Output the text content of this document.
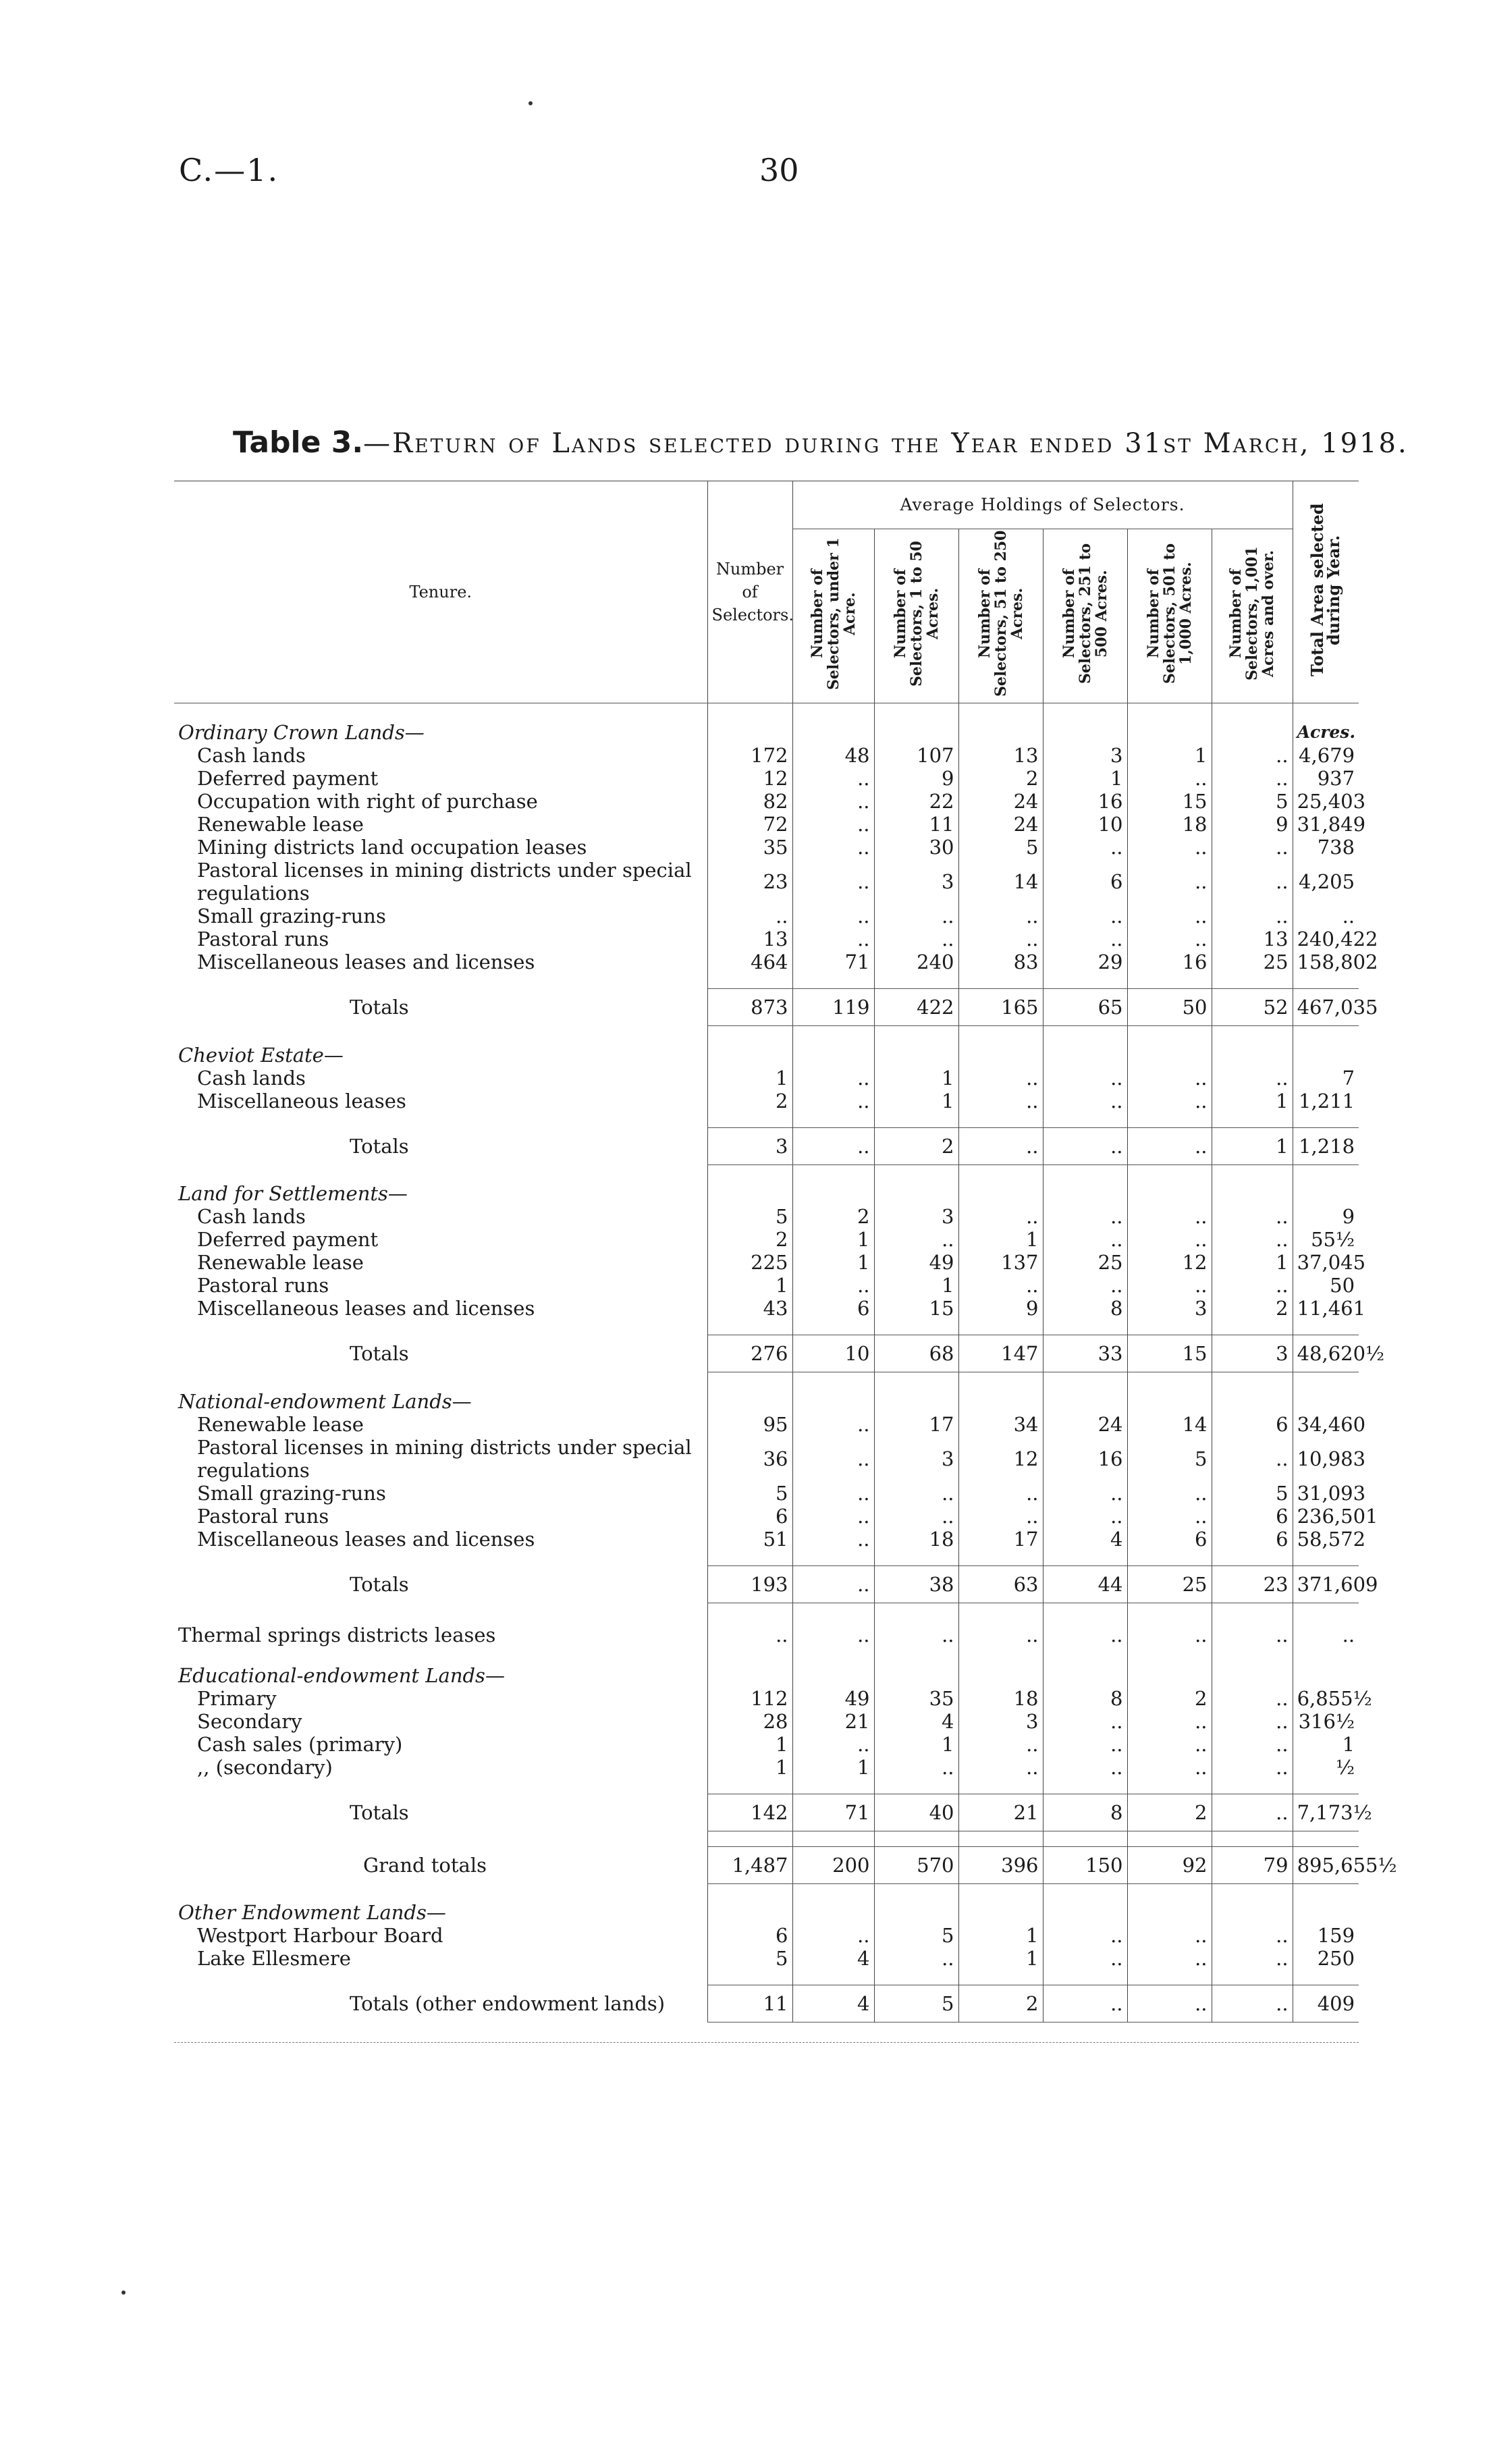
C.—1.	30
Table 3.—Return of Lands selected during the Year ended 31st March, 1918.
Tenure.	Number of Selectors.	Average Holdings of Selectors.						Total Area selected during Year.
		Number of Selectors, under 1 Acre.	Number of Selectors, 1 to 50 Acres.	Number of Selectors, 51 to 250 Acres.	Number of Selectors, 251 to 500 Acres.	Number of Selectors, 501 to 1,000 Acres.	Number of Selectors, 1,001 Acres and over.	
Ordinary Crown Lands—								Acres.
Cash lands	172	48	107	13	3	1	..	4,679
Deferred payment	12	..	9	2	1	..	..	937
Occupation with right of purchase	82	..	22	24	16	15	5	25,403
Renewable lease	72	..	11	24	10	18	9	31,849
Mining districts land occupation leases	35	..	30	5	..	..	..	738
Pastoral licenses in mining districts under special regulations	23	..	3	14	6	..	..	4,205
Small grazing-runs	..	..	..	..	..	..	..	..
Pastoral runs	13	..	..	..	..	..	13	240,422
Miscellaneous leases and licenses	464	71	240	83	29	16	25	158,802

Totals	873	119	422	165	65	50	52	467,035
Cheviot Estate—								
Cash lands	1	..	1	..	..	..	..	7
Miscellaneous leases	2	..	1	..	..	..	1	1,211

Totals	3	..	2	..	..	..	1	1,218
Land for Settlements—								
Cash lands	5	2	3	..	..	..	..	9
Deferred payment	2	1	..	1	..	..	..	55½
Renewable lease	225	1	49	137	25	12	1	37,045
Pastoral runs	1	..	1	..	..	..	..	50
Miscellaneous leases and licenses	43	6	15	9	8	3	2	11,461

Totals	276	10	68	147	33	15	3	48,620½
National-endowment Lands—								
Renewable lease	95	..	17	34	24	14	6	34,460
Pastoral licenses in mining districts under special regulations	36	..	3	12	16	5	..	10,983
Small grazing-runs	5	..	..	..	..	..	5	31,093
Pastoral runs	6	..	..	..	..	..	6	236,501
Miscellaneous leases and licenses	51	..	18	17	4	6	6	58,572

Totals	193	..	38	63	44	25	23	371,609

Thermal springs districts leases	..	..	..	..	..	..	..	..
Educational-endowment Lands—								
Primary	112	49	35	18	8	2	..	6,855½
Secondary	28	21	4	3	..	..	..	316½
Cash sales (primary)	1	..	1	..	..	..	..	1
,, (secondary)	1	1	..	..	..	..	..	½

Totals	142	71	40	21	8	2	..	7,173½

Grand totals	1,487	200	570	396	150	92	79	895,655½
Other Endowment Lands—								
Westport Harbour Board	6	..	5	1	..	..	..	159
Lake Ellesmere	5	4	..	1	..	..	..	250

Totals (other endowment lands)	11	4	5	2	..	..	..	409
